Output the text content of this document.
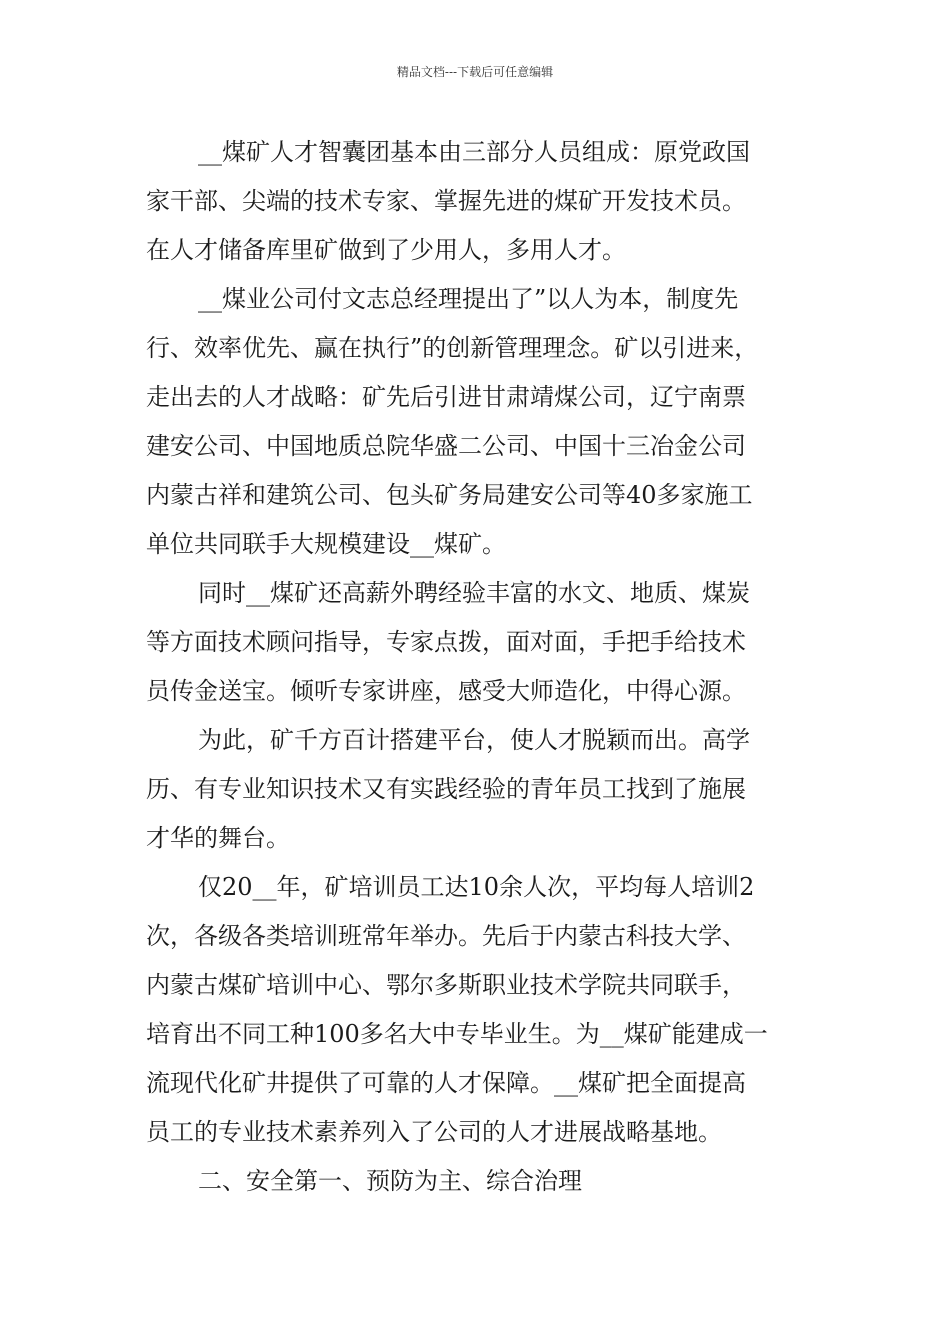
精品文档---下载后可任意编辑
__煤矿人才智囊团基本由三部分人员组成：原党政国
家干部、尖端的技术专家、掌握先进的煤矿开发技术员。
在人才储备库里矿做到了少用人，多用人才。
__煤业公司付文志总经理提出了”以人为本，制度先
行、效率优先、赢在执行”的创新管理理念。矿以引进来，
走出去的人才战略：矿先后引进甘肃靖煤公司，辽宁南票
建安公司、中国地质总院华盛二公司、中国十三冶金公司
内蒙古祥和建筑公司、包头矿务局建安公司等40多家施工
单位共同联手大规模建设__煤矿。
同时__煤矿还高薪外聘经验丰富的水文、地质、煤炭
等方面技术顾问指导，专家点拨，面对面，手把手给技术
员传金送宝。倾听专家讲座，感受大师造化，中得心源。
为此，矿千方百计搭建平台，使人才脱颖而出。高学
历、有专业知识技术又有实践经验的青年员工找到了施展
才华的舞台。
仅20__年，矿培训员工达10余人次，平均每人培训2
次，各级各类培训班常年举办。先后于内蒙古科技大学、
内蒙古煤矿培训中心、鄂尔多斯职业技术学院共同联手，
培育出不同工种100多名大中专毕业生。为__煤矿能建成一
流现代化矿井提供了可靠的人才保障。__煤矿把全面提高
员工的专业技术素养列入了公司的人才进展战略基地。
二、安全第一、预防为主、综合治理
